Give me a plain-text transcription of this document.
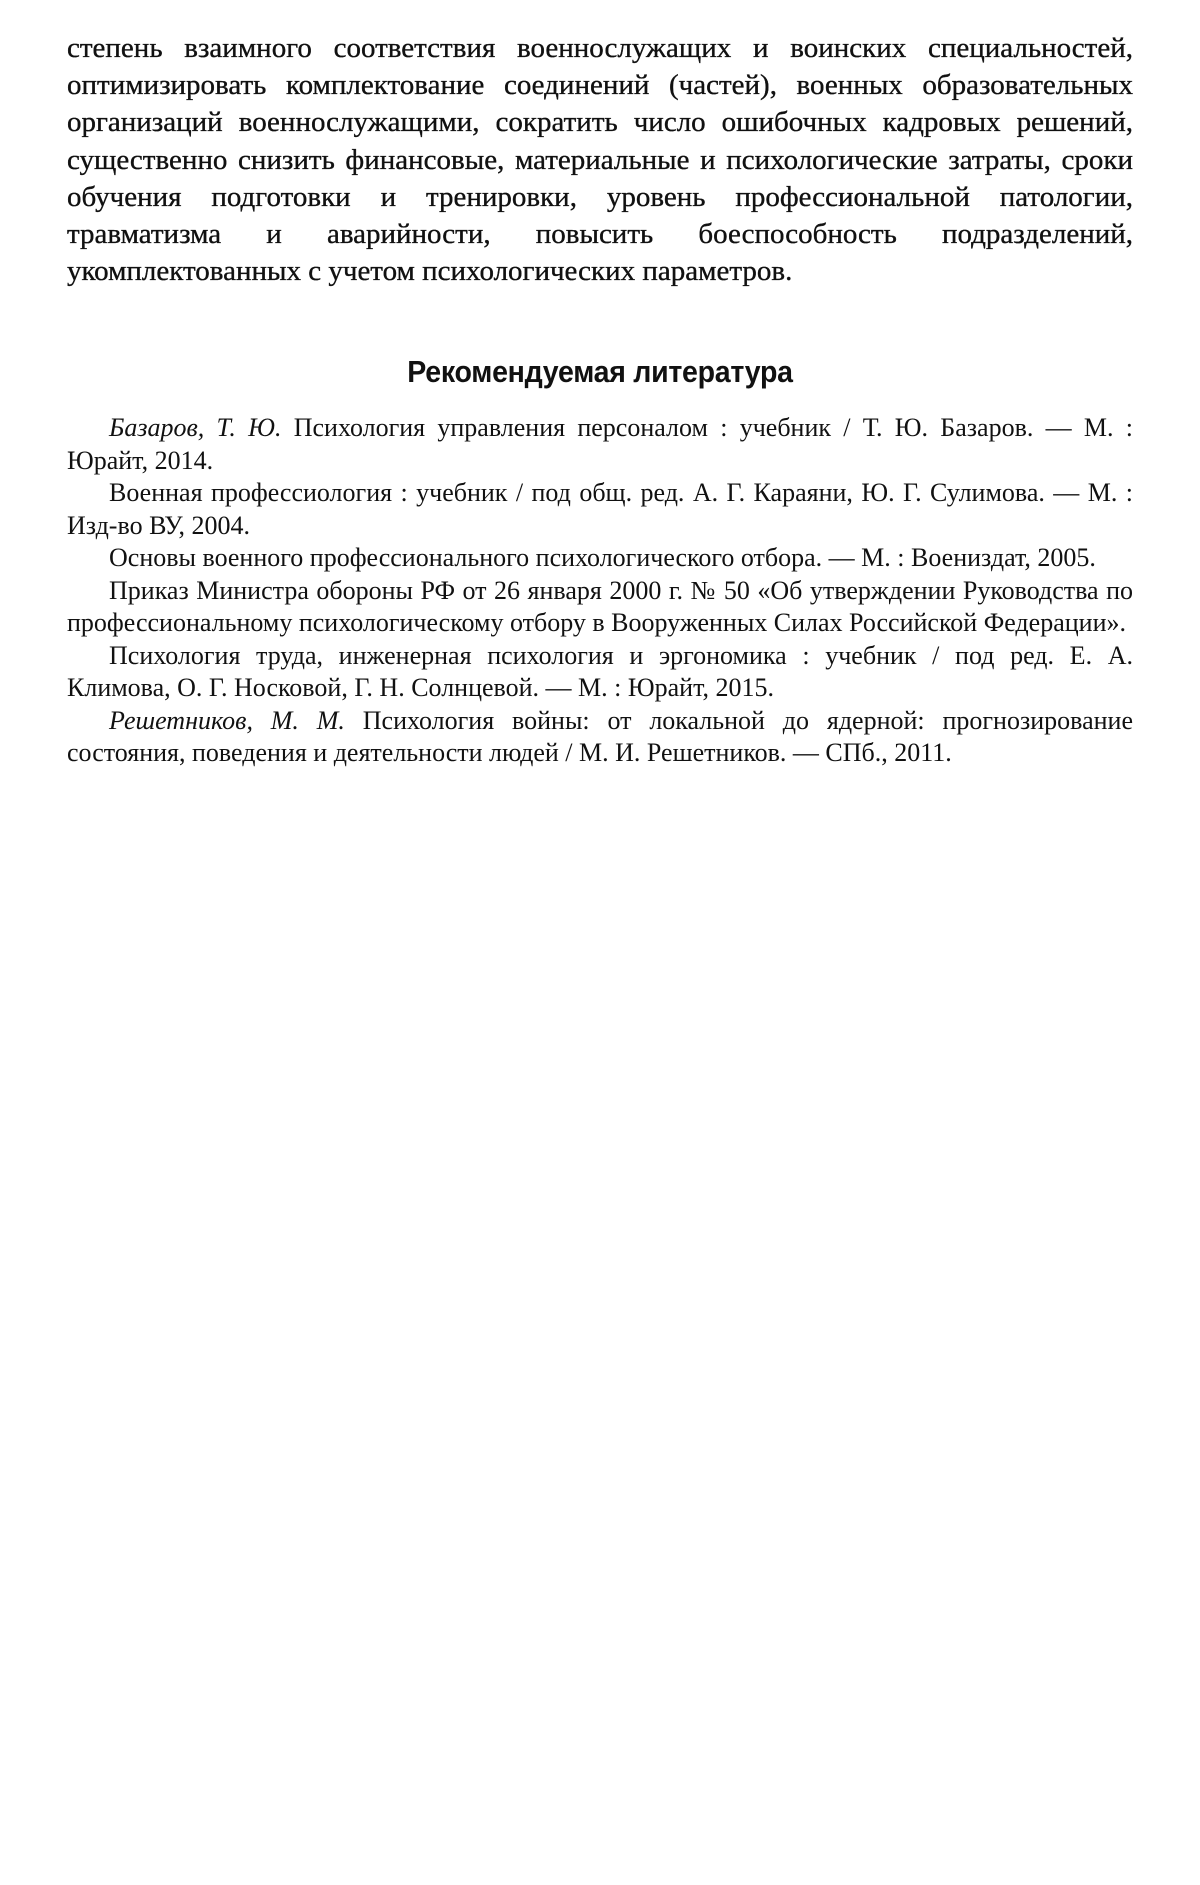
степень взаимного соответствия военнослужащих и воинских специальностей, оптимизировать комплектование соединений (частей), военных образовательных организаций военнослужащими, сократить число ошибочных кадровых решений, существенно снизить финансовые, материальные и психологические затраты, сроки обучения подготовки и тренировки, уровень профессиональной патологии, травматизма и аварийности, повысить боеспособность подразделений, укомплектованных с учетом психологических параметров.

Рекомендуемая литература
Базаров, Т. Ю. Психология управления персоналом : учебник / Т. Ю. Базаров. — М. : Юрайт, 2014.
Военная профессиология : учебник / под общ. ред. А. Г. Караяни, Ю. Г. Сулимова. — М. : Изд-во ВУ, 2004.
Основы военного профессионального психологического отбора. — М. : Воениздат, 2005.
Приказ Министра обороны РФ от 26 января 2000 г. № 50 «Об утверждении Руководства по профессиональному психологическому отбору в Вооруженных Силах Российской Федерации».
Психология труда, инженерная психология и эргономика : учебник / под ред. Е. А. Климова, О. Г. Носковой, Г. Н. Солнцевой. — М. : Юрайт, 2015.
Решетников, М. М. Психология войны: от локальной до ядерной: прогнозирование состояния, поведения и деятельности людей / М. И. Решетников. — СПб., 2011.
